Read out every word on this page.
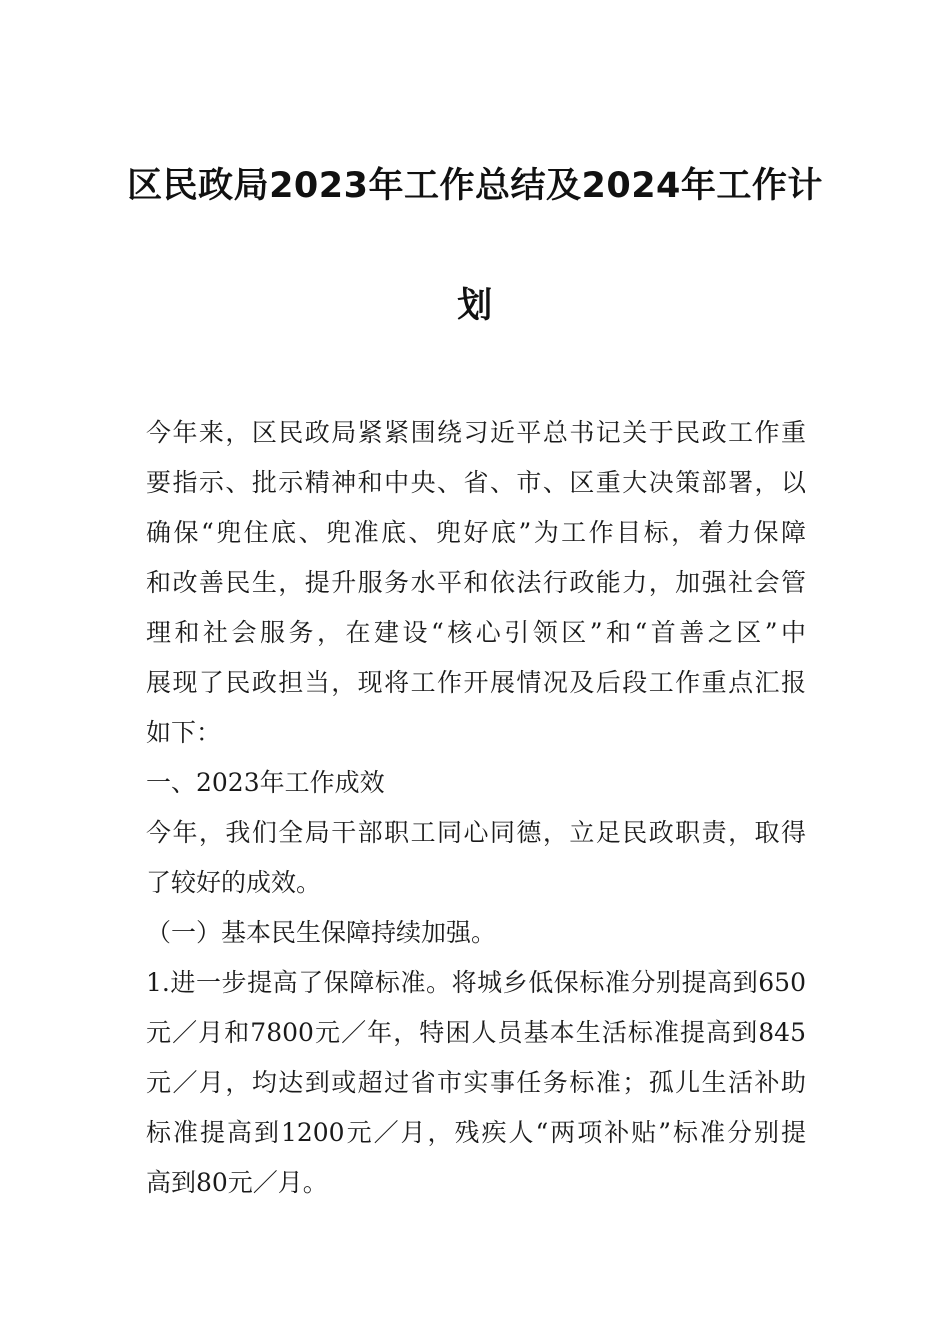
区民政局2023年工作总结及2024年工作计
划
今年来，区民政局紧紧围绕习近平总书记关于民政工作重
要指示、批示精神和中央、省、市、区重大决策部署，以
确保“兜住底、兜准底、兜好底”为工作目标，着力保障
和改善民生，提升服务水平和依法行政能力，加强社会管
理和社会服务，在建设“核心引领区”和“首善之区”中
展现了民政担当，现将工作开展情况及后段工作重点汇报
如下：
一、2023年工作成效
今年，我们全局干部职工同心同德，立足民政职责，取得
了较好的成效。
（一）基本民生保障持续加强。
1.进一步提高了保障标准。将城乡低保标准分别提高到650
元／月和7800元／年，特困人员基本生活标准提高到845
元／月，均达到或超过省市实事任务标准；孤儿生活补助
标准提高到1200元／月，残疾人“两项补贴”标准分别提
高到80元／月。
